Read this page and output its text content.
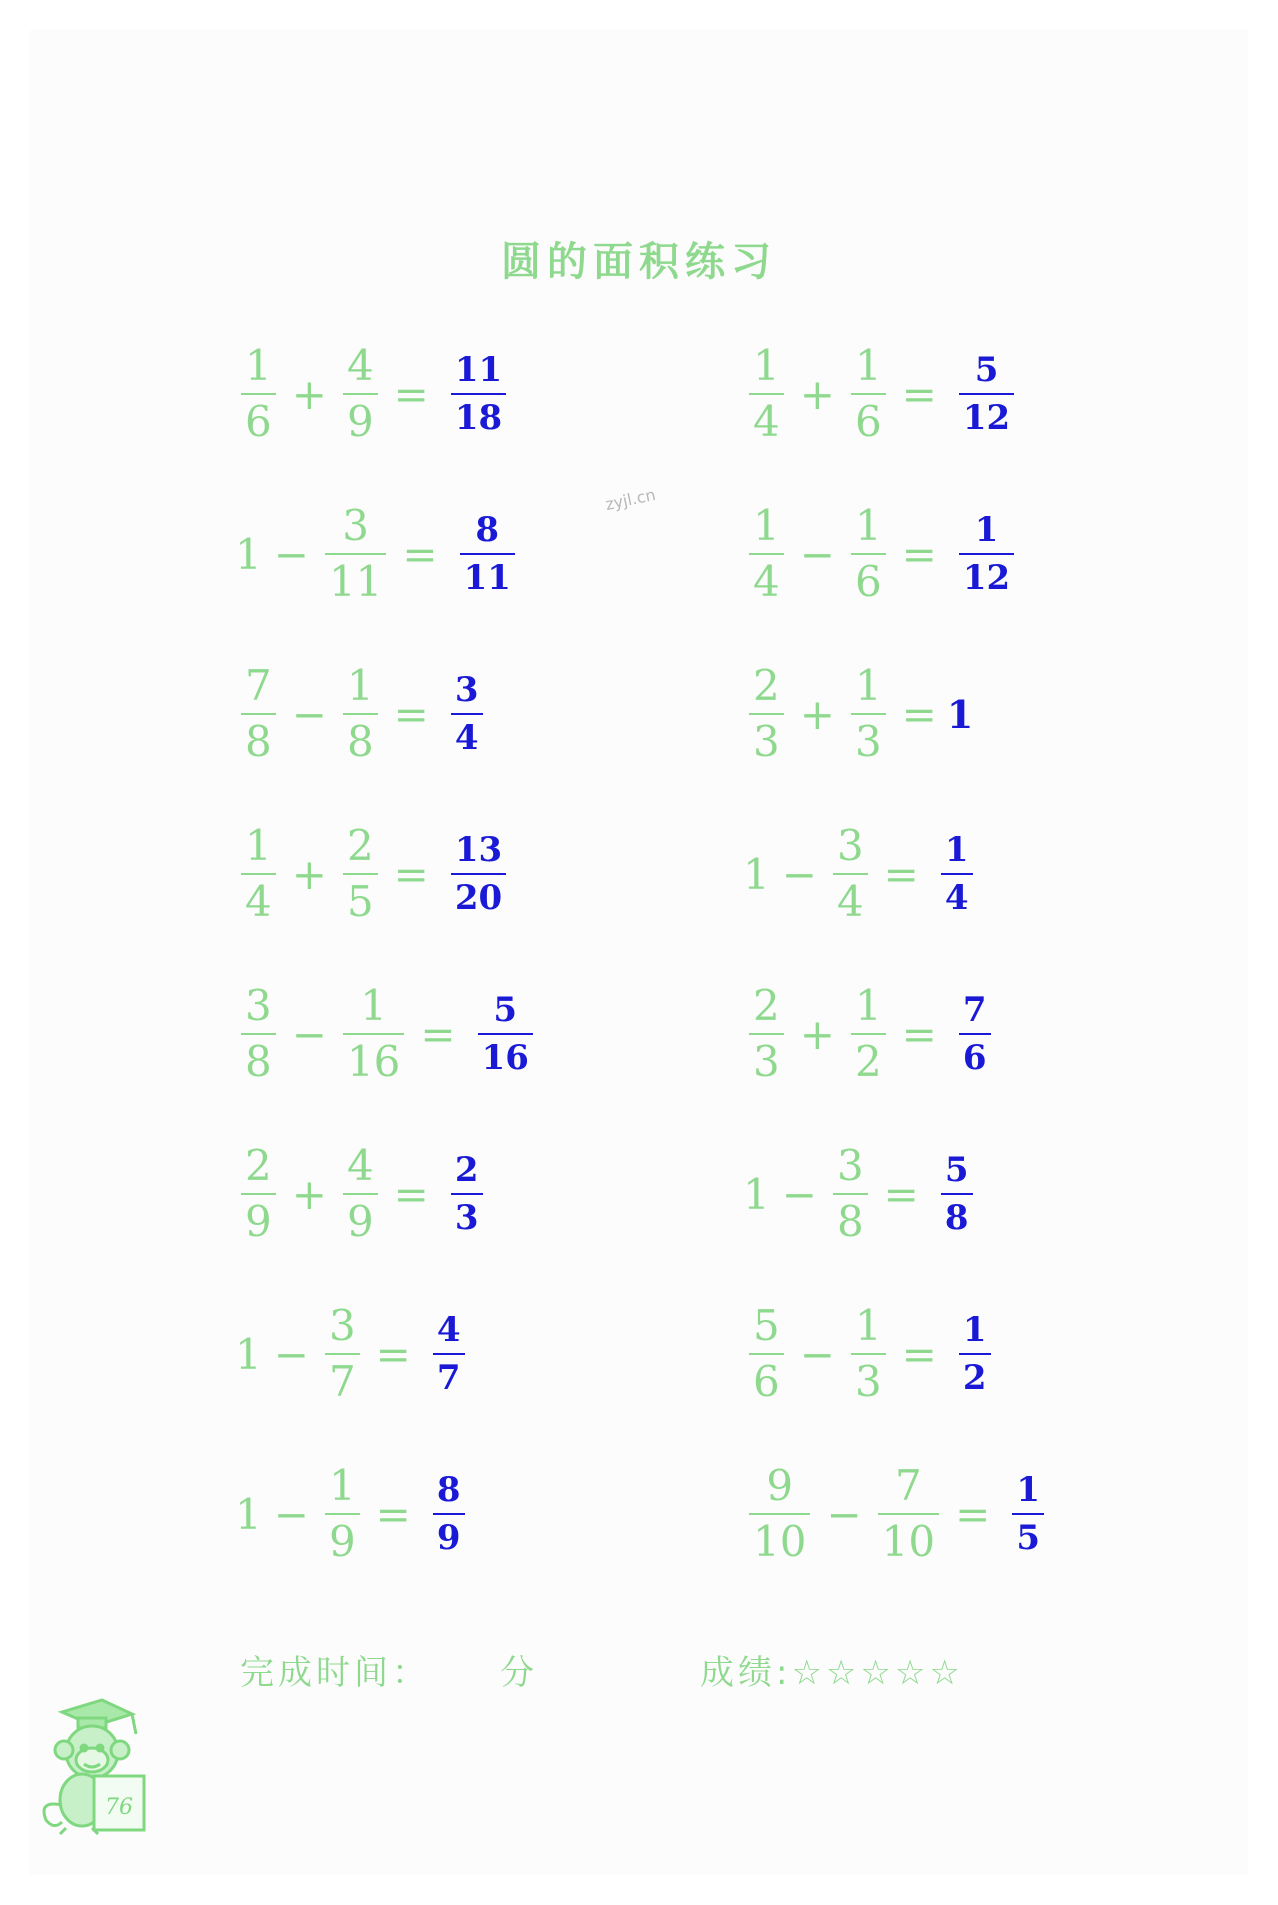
圆的面积练习
zyjl.cn
$\frac{1}{6} + \frac{4}{9} = \frac{11}{18}$	$\frac{1}{4} + \frac{1}{6} = \frac{5}{12}$
$1 - \frac{3}{11} = \frac{8}{11}$	$\frac{1}{4} - \frac{1}{6} = \frac{1}{12}$
$\frac{7}{8} - \frac{1}{8} = \frac{3}{4}$	$\frac{2}{3} + \frac{1}{3} = 1$
$\frac{1}{4} + \frac{2}{5} = \frac{13}{20}$	$1 - \frac{3}{4} = \frac{1}{4}$
$\frac{3}{8} - \frac{1}{16} = \frac{5}{16}$	$\frac{2}{3} + \frac{1}{2} = \frac{7}{6}$
$\frac{2}{9} + \frac{4}{9} = \frac{2}{3}$	$1 - \frac{3}{8} = \frac{5}{8}$
$1 - \frac{3}{7} = \frac{4}{7}$	$\frac{5}{6} - \frac{1}{3} = \frac{1}{2}$
$1 - \frac{1}{9} = \frac{8}{9}$	$\frac{9}{10} - \frac{7}{10} = \frac{1}{5}$
完成时间： 分	成绩:☆☆☆☆☆
76
